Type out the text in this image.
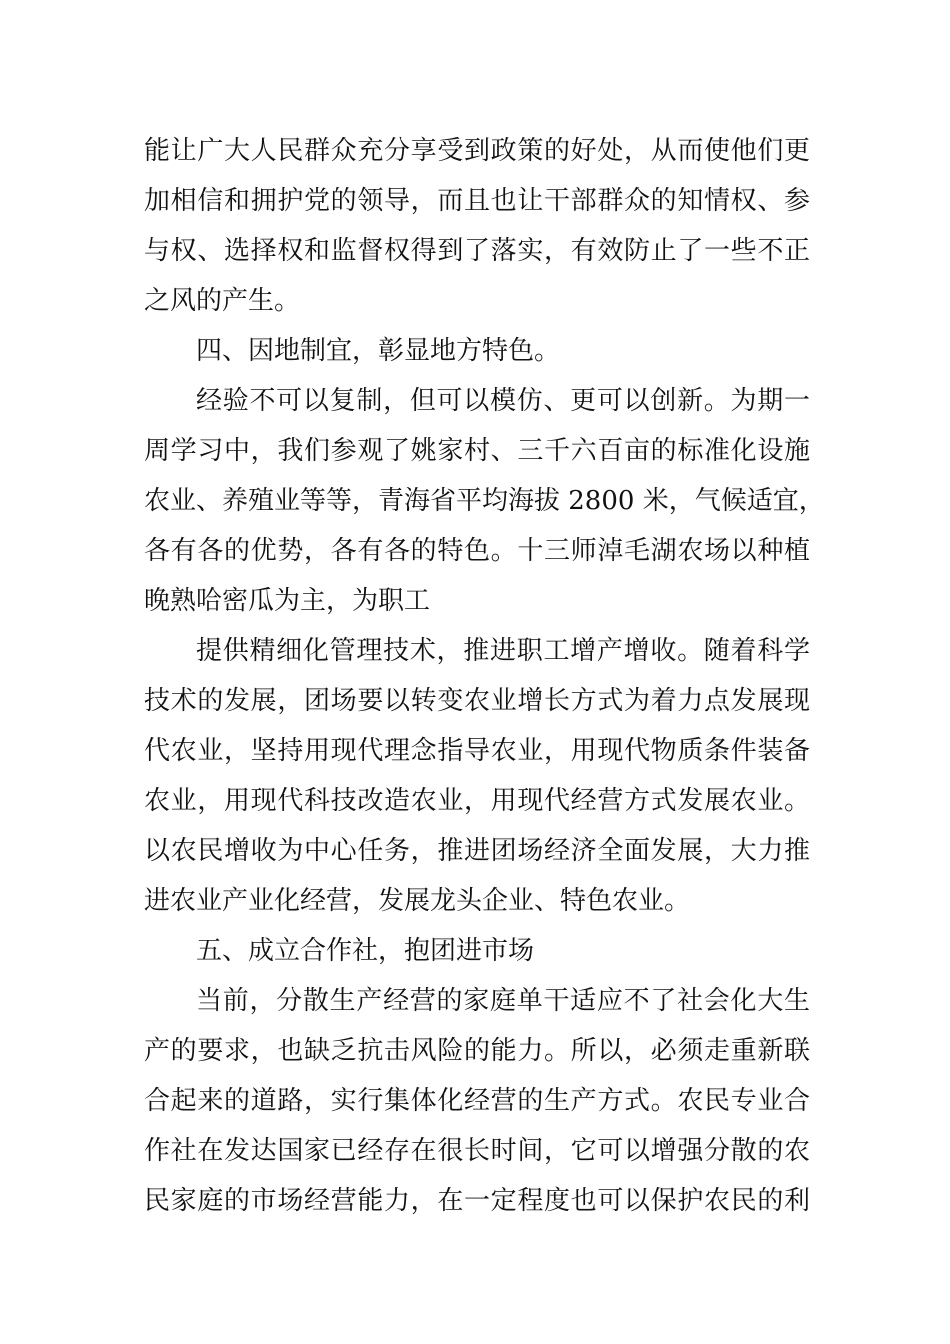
能让广大人民群众充分享受到政策的好处，从而使他们更
加相信和拥护党的领导，而且也让干部群众的知情权、参
与权、选择权和监督权得到了落实，有效防止了一些不正
之风的产生。
四、因地制宜，彰显地方特色。
经验不可以复制，但可以模仿、更可以创新。为期一
周学习中，我们参观了姚家村、三千六百亩的标准化设施
农业、养殖业等等，青海省平均海拔 2800 米，气候适宜，
各有各的优势，各有各的特色。十三师淖毛湖农场以种植
晚熟哈密瓜为主，为职工
提供精细化管理技术，推进职工增产增收。随着科学
技术的发展，团场要以转变农业增长方式为着力点发展现
代农业，坚持用现代理念指导农业，用现代物质条件装备
农业，用现代科技改造农业，用现代经营方式发展农业。
以农民增收为中心任务，推进团场经济全面发展，大力推
进农业产业化经营，发展龙头企业、特色农业。
五、成立合作社，抱团进市场
当前，分散生产经营的家庭单干适应不了社会化大生
产的要求，也缺乏抗击风险的能力。所以，必须走重新联
合起来的道路，实行集体化经营的生产方式。农民专业合
作社在发达国家已经存在很长时间，它可以增强分散的农
民家庭的市场经营能力，在一定程度也可以保护农民的利
